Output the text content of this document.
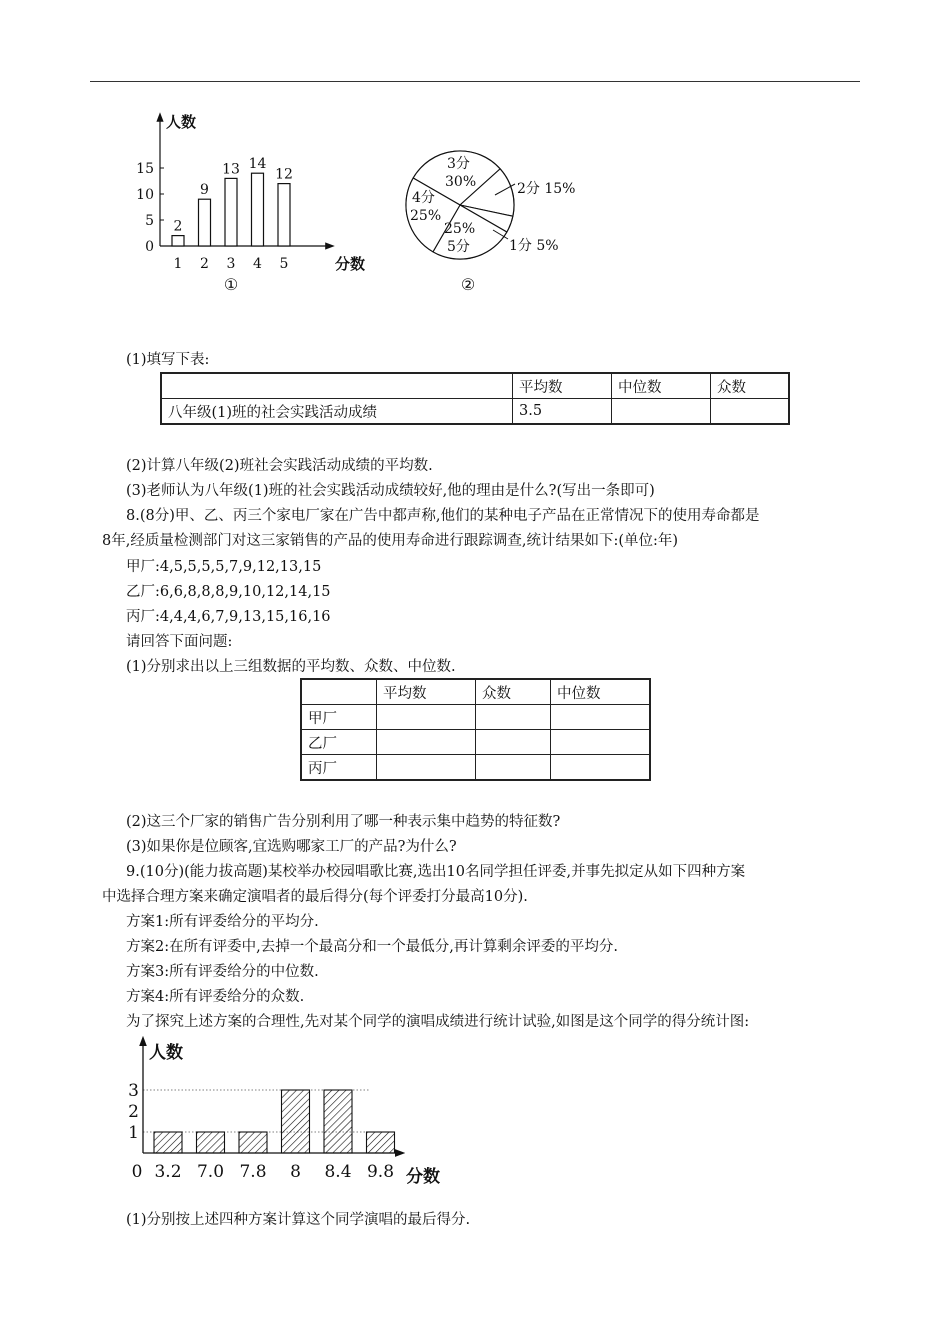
人数
分数
0
5
10
15
2
1
9
2
13
3
14
4
12
5
①
3分
30%	2分 15%
1分 5%
25%
5分
4分
25%
②
(1)填写下表:
	平均数	中位数	众数
八年级(1)班的社会实践活动成绩	3.5		
(2)计算八年级(2)班社会实践活动成绩的平均数.
(3)老师认为八年级(1)班的社会实践活动成绩较好,他的理由是什么?(写出一条即可)
8.(8分)甲、乙、丙三个家电厂家在广告中都声称,他们的某种电子产品在正常情况下的使用寿命都是
8年,经质量检测部门对这三家销售的产品的使用寿命进行跟踪调查,统计结果如下:(单位:年)
甲厂:4,5,5,5,5,7,9,12,13,15
乙厂:6,6,8,8,8,9,10,12,14,15
丙厂:4,4,4,6,7,9,13,15,16,16
请回答下面问题:
(1)分别求出以上三组数据的平均数、众数、中位数.
	平均数	众数	中位数
甲厂			
乙厂			
丙厂			
(2)这三个厂家的销售广告分别利用了哪一种表示集中趋势的特征数?
(3)如果你是位顾客,宜选购哪家工厂的产品?为什么?
9.(10分)(能力拔高题)某校举办校园唱歌比赛,选出10名同学担任评委,并事先拟定从如下四种方案
中选择合理方案来确定演唱者的最后得分(每个评委打分最高10分).
方案1:所有评委给分的平均分.
方案2:在所有评委中,去掉一个最高分和一个最低分,再计算剩余评委的平均分.
方案3:所有评委给分的中位数.
方案4:所有评委给分的众数.
为了探究上述方案的合理性,先对某个同学的演唱成绩进行统计试验,如图是这个同学的得分统计图:
1
2
3
人数
分数
0 3.2 7.0 7.8 8 8.4 9.8
(1)分别按上述四种方案计算这个同学演唱的最后得分.
